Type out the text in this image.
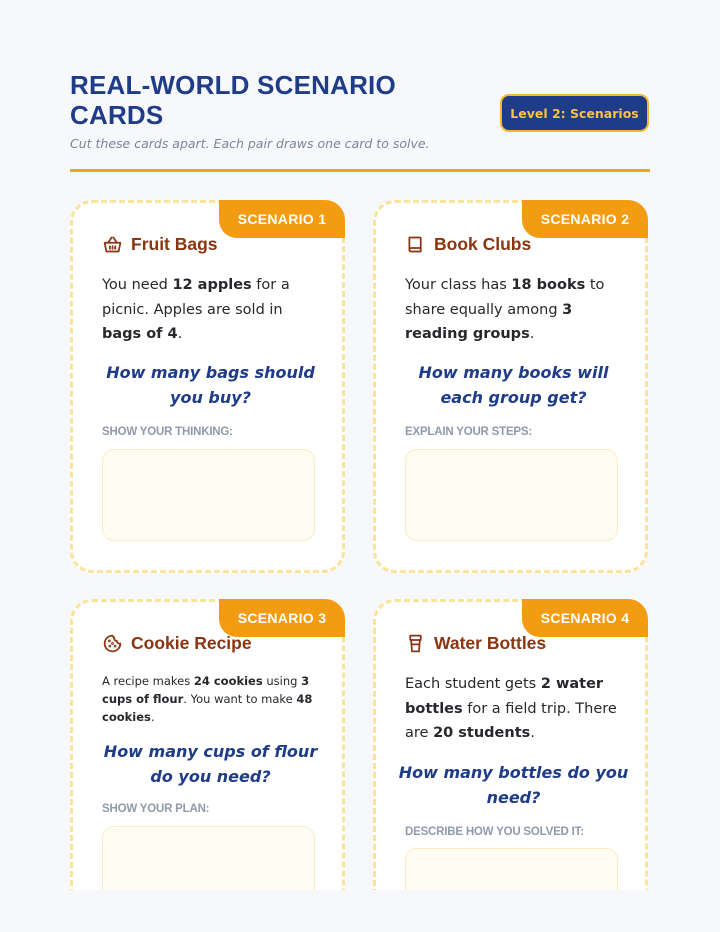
REAL-WORLD SCENARIO CARDS	Level 2: Scenarios
Cut these cards apart. Each pair draws one card to solve.
SCENARIO 1
Fruit Bags
You need 12 apples for a picnic. Apples are sold in bags of 4.
How many bags should you buy?
SHOW YOUR THINKING:
SCENARIO 2
Book Clubs
Your class has 18 books to share equally among 3 reading groups.
How many books will each group get?
EXPLAIN YOUR STEPS:
SCENARIO 3
Cookie Recipe
A recipe makes 24 cookies using 3 cups of flour. You want to make 48 cookies.
How many cups of flour do you need?
SHOW YOUR PLAN:
SCENARIO 4
Water Bottles
Each student gets 2 water bottles for a field trip. There are 20 students.
How many bottles do you need?
DESCRIBE HOW YOU SOLVED IT:
